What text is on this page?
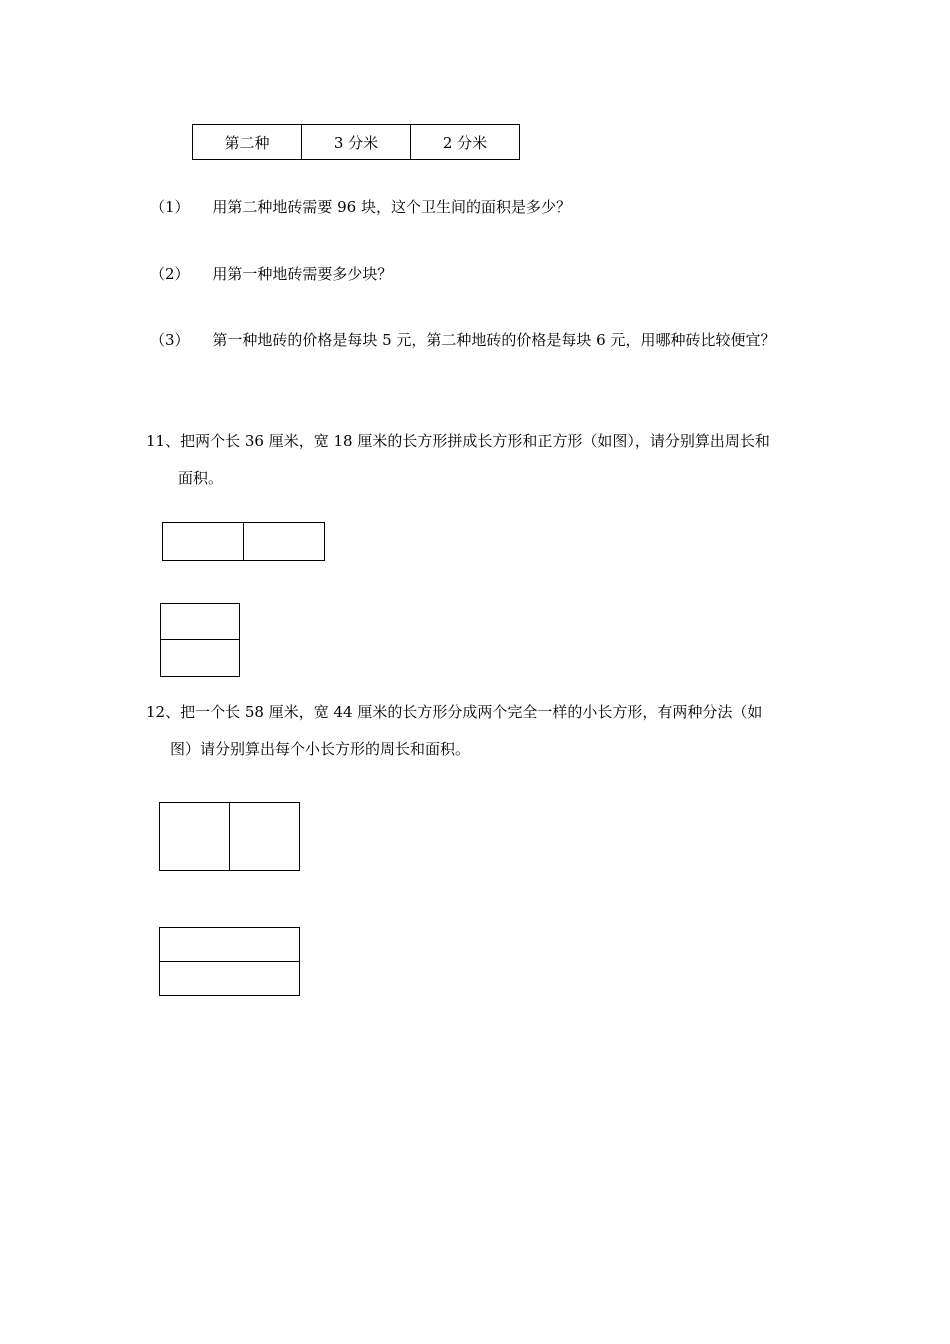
第二种	3 分米	2 分米
（1） 用第二种地砖需要 96 块，这个卫生间的面积是多少？
（2） 用第一种地砖需要多少块？
（3） 第一种地砖的价格是每块 5 元，第二种地砖的价格是每块 6 元，用哪种砖比较便宜？
11、把两个长 36 厘米，宽 18 厘米的长方形拼成长方形和正方形（如图），请分别算出周长和
面积。
12、把一个长 58 厘米，宽 44 厘米的长方形分成两个完全一样的小长方形，有两种分法（如
图）请分别算出每个小长方形的周长和面积。
